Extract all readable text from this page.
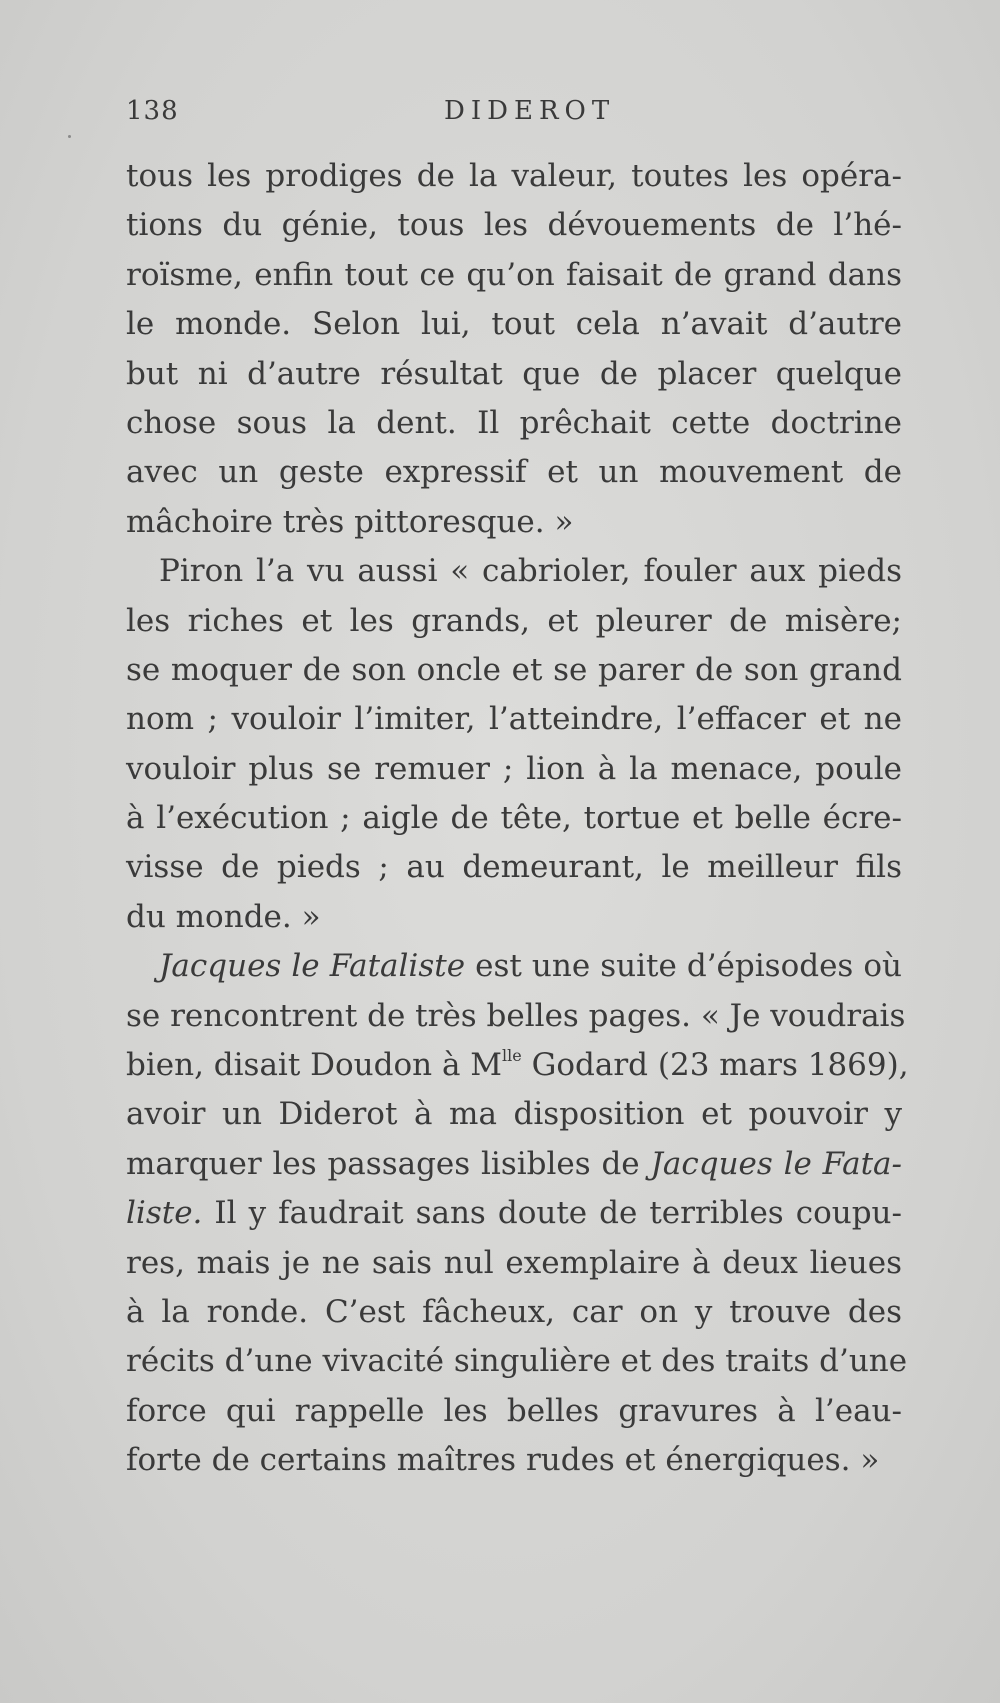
138	DIDEROT
tous les prodiges de la valeur, toutes les opéra-
tions du génie, tous les dévouements de l’hé-
roïsme, enfin tout ce qu’on faisait de grand dans
le monde. Selon lui, tout cela n’avait d’autre
but ni d’autre résultat que de placer quelque
chose sous la dent. Il prêchait cette doctrine
avec un geste expressif et un mouvement de
mâchoire très pittoresque. »
Piron l’a vu aussi « cabrioler, fouler aux pieds
les riches et les grands, et pleurer de misère;
se moquer de son oncle et se parer de son grand
nom ; vouloir l’imiter, l’atteindre, l’effacer et ne
vouloir plus se remuer ; lion à la menace, poule
à l’exécution ; aigle de tête, tortue et belle écre-
visse de pieds ; au demeurant, le meilleur fils
du monde. »
Jacques le Fataliste est une suite d’épisodes où
se rencontrent de très belles pages. « Je voudrais
bien, disait Doudon à $M^{lle}$ Godard (23 mars 1869),
avoir un Diderot à ma disposition et pouvoir y
marquer les passages lisibles de Jacques le Fata-
liste. Il y faudrait sans doute de terribles coupu-
res, mais je ne sais nul exemplaire à deux lieues
à la ronde. C’est fâcheux, car on y trouve des
récits d’une vivacité singulière et des traits d’une
force qui rappelle les belles gravures à l’eau-
forte de certains maîtres rudes et énergiques. »
